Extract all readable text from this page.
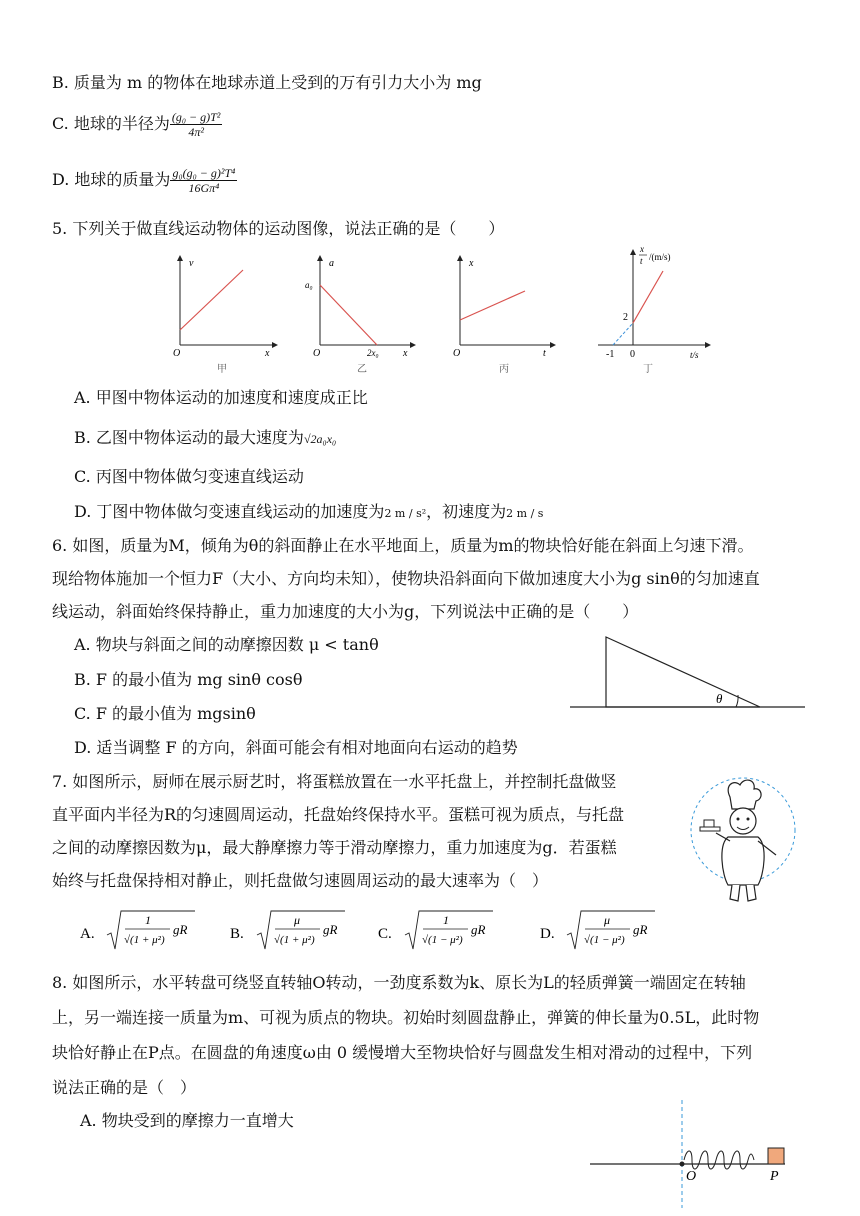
B. 质量为 m 的物体在地球赤道上受到的万有引力大小为 mg
C. 地球的半径为 $\frac{\text{(g₀ − g)T²}}{\text{4π²}}$
D. 地球的质量为 $\frac{\text{g₀(g₀ − g)²T⁴}}{\text{16Gπ⁴}}$
5. 下列关于做直线运动物体的运动图像，说法正确的是（　　）
v
O	x
甲
a
a₀
O	2x₀ x
乙
x
O	t
丙
x
t /(m/s)
2
-1 0	t/s
丁
A. 甲图中物体运动的加速度和速度成正比
B. 乙图中物体运动的最大速度为√2a₀x₀
C. 丙图中物体做匀变速直线运动
D. 丁图中物体做匀变速直线运动的加速度为2 m / s²，初速度为2 m / s
6. 如图，质量为M，倾角为θ的斜面静止在水平地面上，质量为m的物块恰好能在斜面上匀速下滑。
现给物体施加一个恒力F（大小、方向均未知），使物块沿斜面向下做加速度大小为g sinθ的匀加速直
线运动，斜面始终保持静止，重力加速度的大小为g，下列说法中正确的是（　　）
A. 物块与斜面之间的动摩擦因数 μ < tanθ
B. F 的最小值为 mg sinθ cosθ
C. F 的最小值为 mgsinθ
D. 适当调整 F 的方向，斜面可能会有相对地面向右运动的趋势
θ
7. 如图所示，厨师在展示厨艺时，将蛋糕放置在一水平托盘上，并控制托盘做竖
直平面内半径为R的匀速圆周运动，托盘始终保持水平。蛋糕可视为质点，与托盘
之间的动摩擦因数为μ，最大静摩擦力等于滑动摩擦力，重力加速度为g．若蛋糕
始终与托盘保持相对静止，则托盘做匀速圆周运动的最大速率为（　）
A.
1
√(1 + μ²)
gR	B.
μ
√(1 + μ²)
gR	C.
1
√(1 − μ²)
gR	D.
μ
√(1 − μ²)
gR
8. 如图所示，水平转盘可绕竖直转轴O转动，一劲度系数为k、原长为L的轻质弹簧一端固定在转轴
上，另一端连接一质量为m、可视为质点的物块。初始时刻圆盘静止，弹簧的伸长量为0.5L，此时物
块恰好静止在P点。在圆盘的角速度ω由 0 缓慢增大至物块恰好与圆盘发生相对滑动的过程中，下列
说法正确的是（　）
A. 物块受到的摩擦力一直增大
O	P
